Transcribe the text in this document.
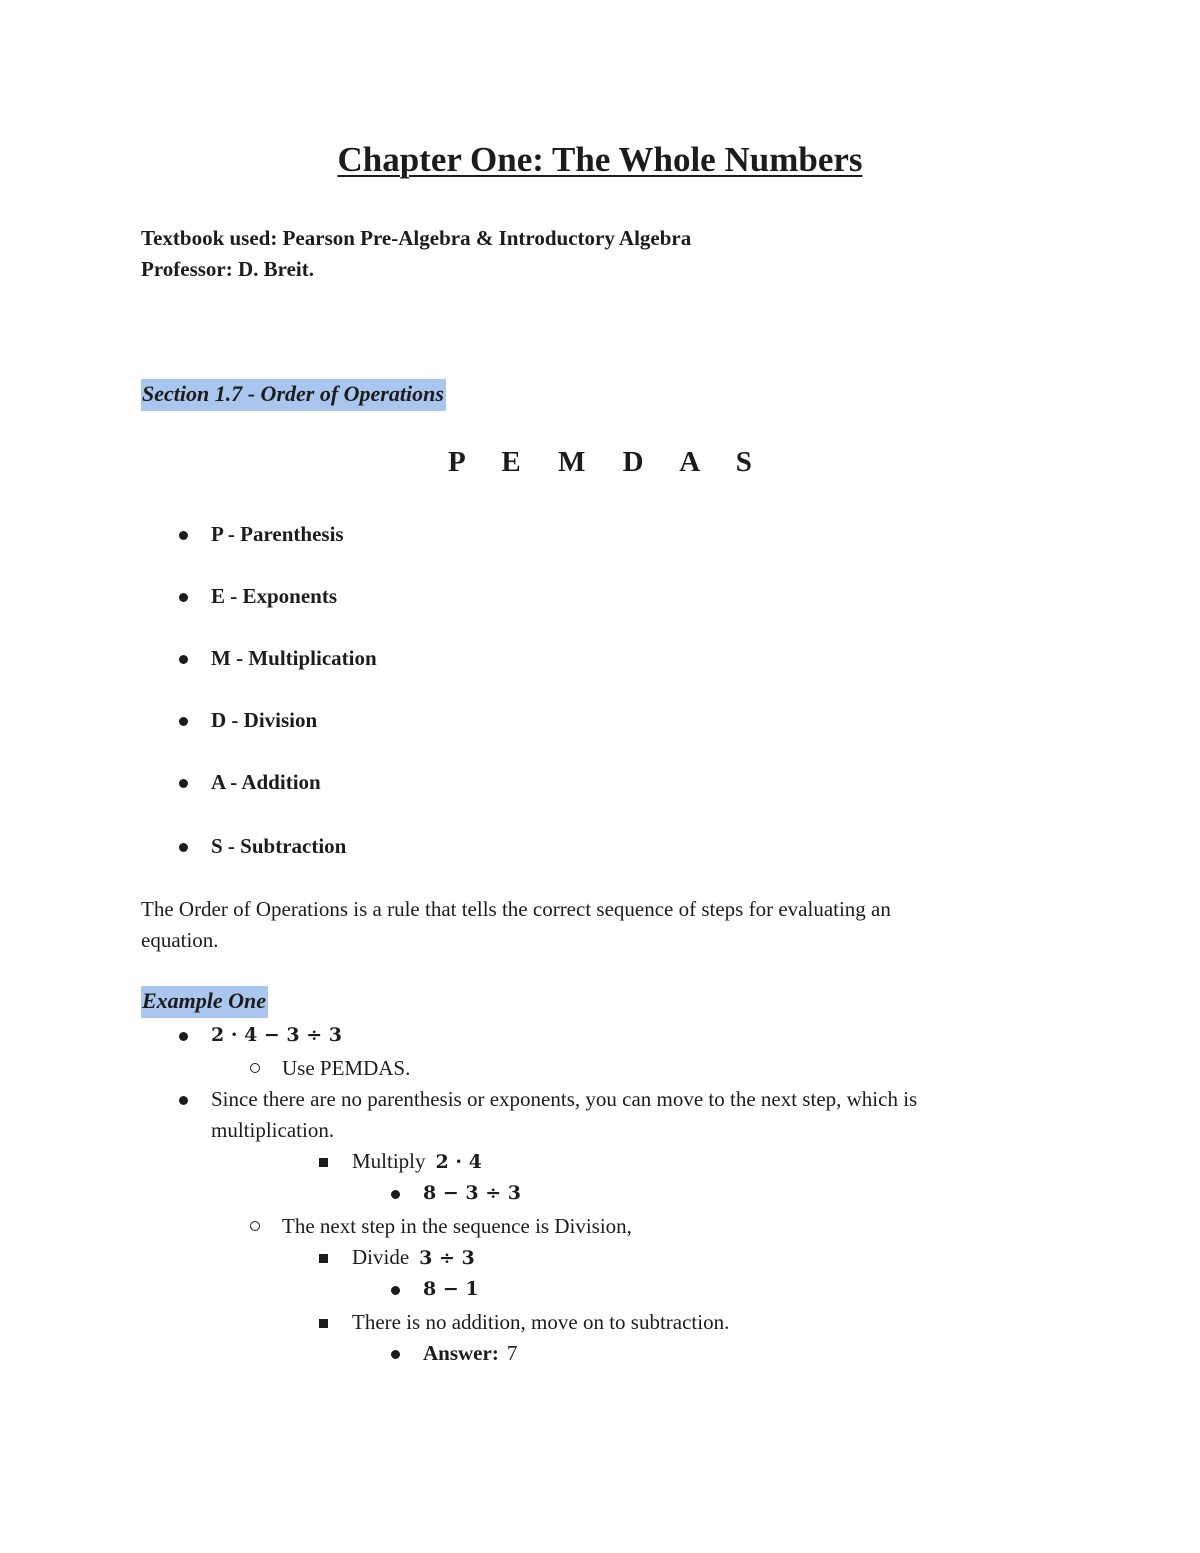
Chapter One: The Whole Numbers
Textbook used: Pearson Pre-Algebra & Introductory Algebra
Professor: D. Breit.
Section 1.7 - Order of Operations
P E M D A S
P - Parenthesis
E - Exponents
M - Multiplication
D - Division
A - Addition
S - Subtraction
The Order of Operations is a rule that tells the correct sequence of steps for evaluating an
equation.
Example One
2 · 4 − 3 ÷ 3
Use PEMDAS.
Since there are no parenthesis or exponents, you can move to the next step, which is
multiplication.
Multiply 2 · 4
8 − 3 ÷ 3
The next step in the sequence is Division,
Divide 3 ÷ 3
8 − 1
There is no addition, move on to subtraction.
Answer: 7
